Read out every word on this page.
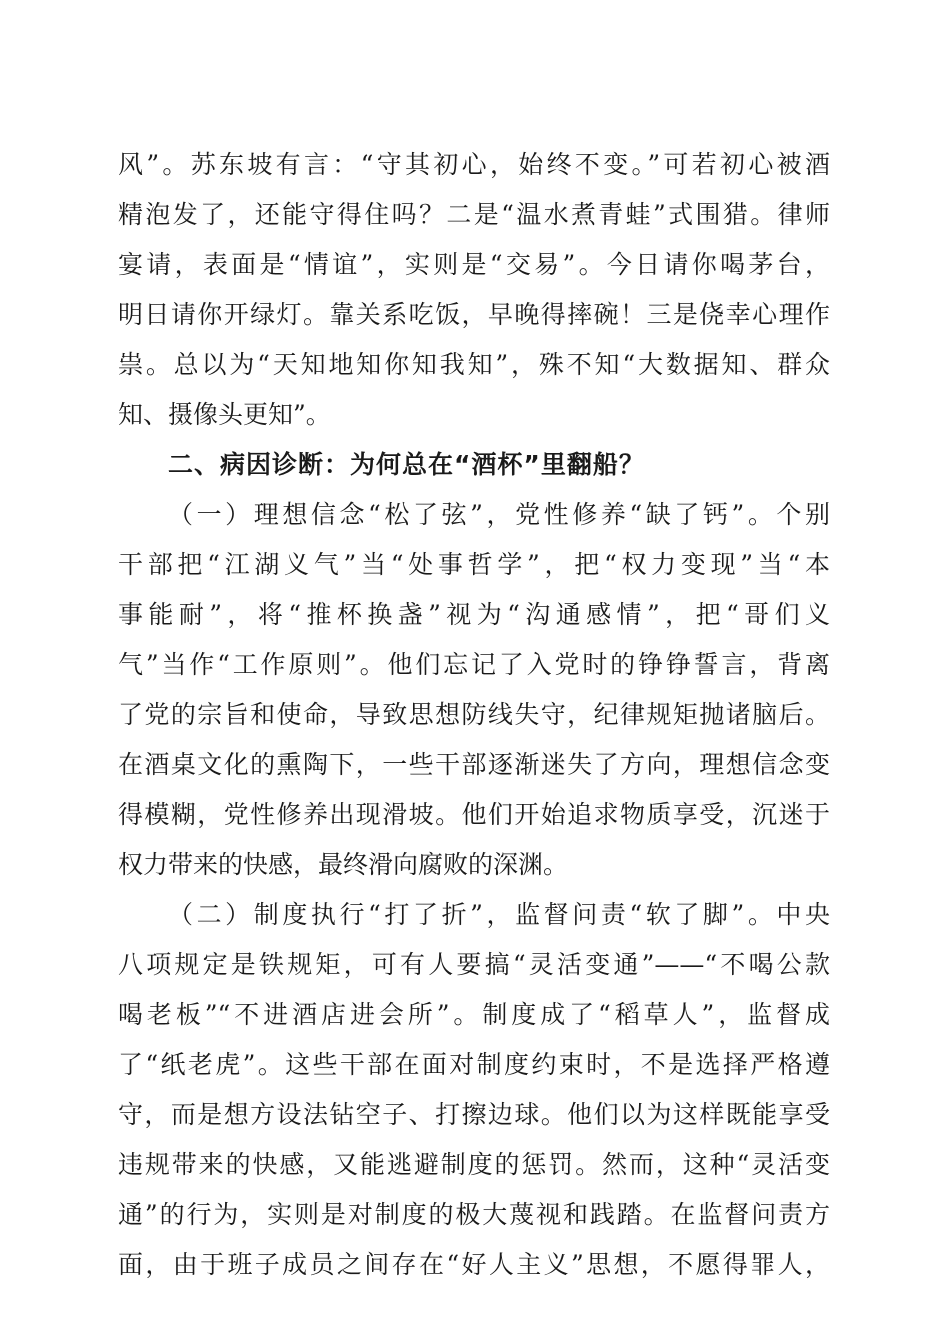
风”。苏东坡有言：“守其初心，始终不变。”可若初心被酒
精泡发了，还能守得住吗？二是“温水煮青蛙”式围猎。律师
宴请，表面是“情谊”，实则是“交易”。今日请你喝茅台，
明日请你开绿灯。靠关系吃饭，早晚得摔碗！三是侥幸心理作
祟。总以为“天知地知你知我知”，殊不知“大数据知、群众
知、摄像头更知”。
二、病因诊断：为何总在“酒杯”里翻船？
（一）理想信念“松了弦”，党性修养“缺了钙”。个别
干部把“江湖义气”当“处事哲学”，把“权力变现”当“本
事能耐”，将“推杯换盏”视为“沟通感情”，把“哥们义
气”当作“工作原则”。他们忘记了入党时的铮铮誓言，背离
了党的宗旨和使命，导致思想防线失守，纪律规矩抛诸脑后。
在酒桌文化的熏陶下，一些干部逐渐迷失了方向，理想信念变
得模糊，党性修养出现滑坡。他们开始追求物质享受，沉迷于
权力带来的快感，最终滑向腐败的深渊。
（二）制度执行“打了折”，监督问责“软了脚”。中央
八项规定是铁规矩，可有人要搞“灵活变通”——“不喝公款
喝老板”“不进酒店进会所”。制度成了“稻草人”，监督成
了“纸老虎”。这些干部在面对制度约束时，不是选择严格遵
守，而是想方设法钻空子、打擦边球。他们以为这样既能享受
违规带来的快感，又能逃避制度的惩罚。然而，这种“灵活变
通”的行为，实则是对制度的极大蔑视和践踏。在监督问责方
面，由于班子成员之间存在“好人主义”思想，不愿得罪人，
